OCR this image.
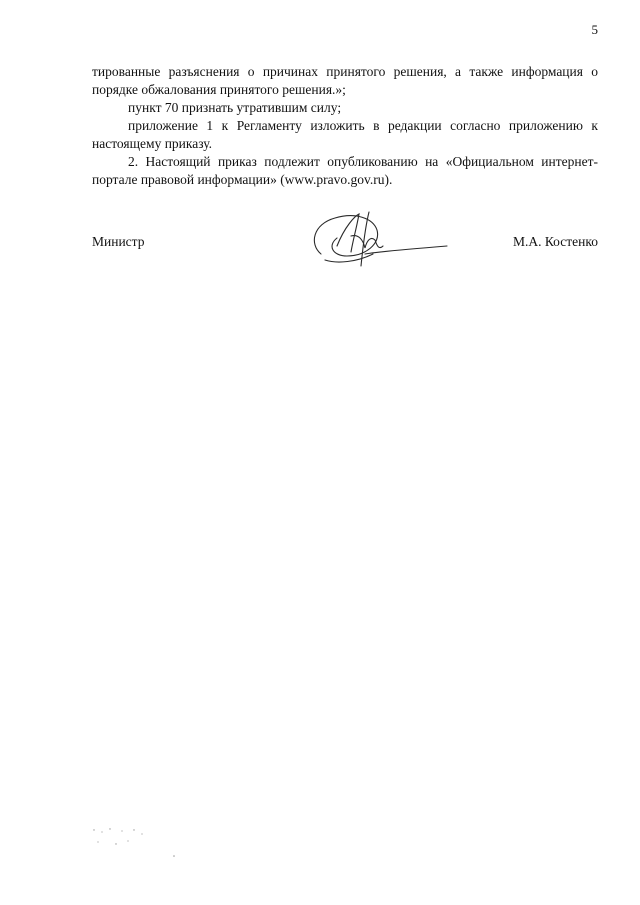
5

тированные разъяснения о причинах принятого решения, а также информация о порядке обжалования принятого решения.»;

пункт 70 признать утратившим силу;

приложение 1 к Регламенту изложить в редакции согласно приложению к настоящему приказу.

2. Настоящий приказ подлежит опубликованию на «Официальном интернет-портале правовой информации» (www.pravo.gov.ru).

Министр	М.А. Костенко
